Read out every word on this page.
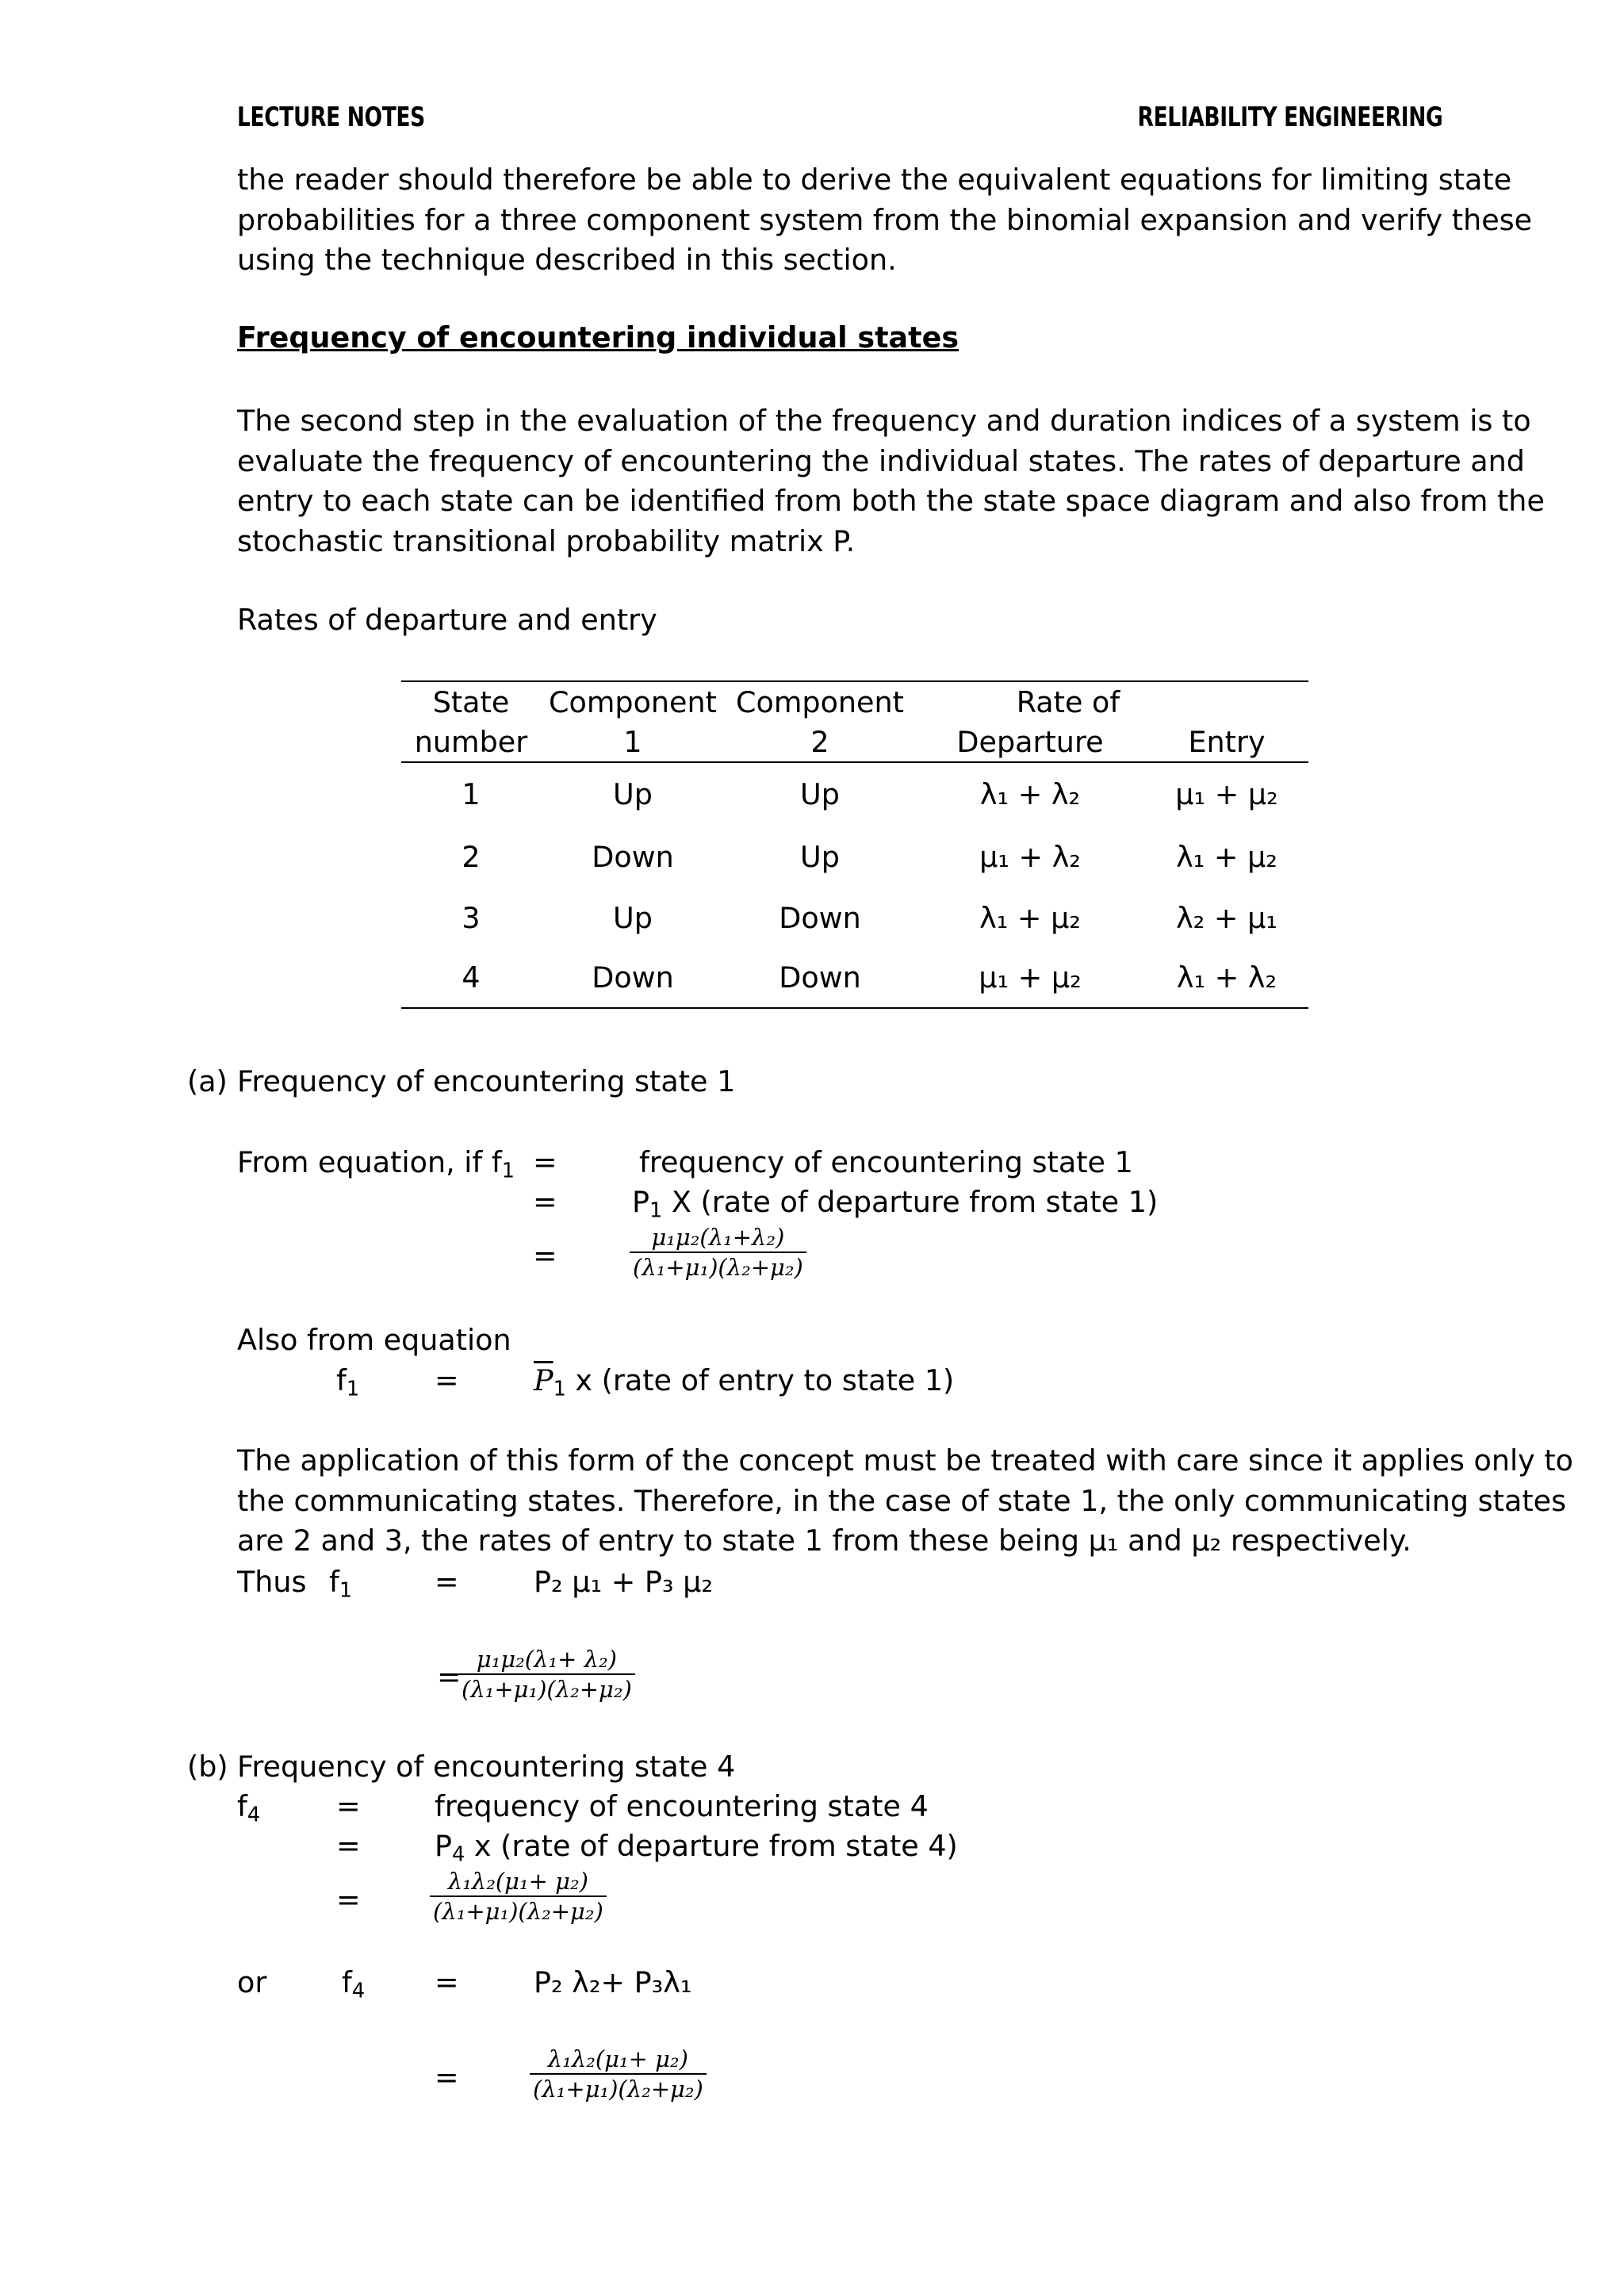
LECTURE NOTES	RELIABILITY ENGINEERING
the reader should therefore be able to derive the equivalent equations for limiting state
probabilities for a three component system from the binomial expansion and verify these
using the technique described in this section.
Frequency of encountering individual states
The second step in the evaluation of the frequency and duration indices of a system is to
evaluate the frequency of encountering the individual states. The rates of departure and
entry to each state can be identified from both the state space diagram and also from the
stochastic transitional probability matrix P.
Rates of departure and entry
State	Component	Component	Rate of	
number	1	2	Departure	Entry
1	Up	Up	λ₁ + λ₂	μ₁ + μ₂
2	Down	Up	μ₁ + λ₂	λ₁ + μ₂
3	Up	Down	λ₁ + μ₂	λ₂ + μ₁
4	Down	Down	μ₁ + μ₂	λ₁ + λ₂
(a) Frequency of encountering state 1
From equation, if $f_1$ =	frequency of encountering state 1
=	$P_1$ X (rate of departure from state 1)
=	$\frac{\text{μ₁μ₂(λ₁+λ₂)}}{\text{(λ₁+μ₁)(λ₂+μ₂)}}$
Also from equation
$f_1$	=	$\overline{P}_1$ x (rate of entry to state 1)
The application of this form of the concept must be treated with care since it applies only to
the communicating states. Therefore, in the case of state 1, the only communicating states
are 2 and 3, the rates of entry to state 1 from these being μ₁ and μ₂ respectively.
Thus $f_1$	=	P₂ μ₁ + P₃ μ₂
=
$\frac{\text{μ₁μ₂(λ₁+ λ₂)}}{\text{(λ₁+μ₁)(λ₂+μ₂)}}$
(b) Frequency of encountering state 4
$f_4$	=	frequency of encountering state 4
=	$P_4$ x (rate of departure from state 4)
=	$\frac{\text{λ₁λ₂(μ₁+ μ₂)}}{\text{(λ₁+μ₁)(λ₂+μ₂)}}$
or	$f_4$ =	P₂ λ₂+ P₃λ₁
=	$\frac{\text{λ₁λ₂(μ₁+ μ₂)}}{\text{(λ₁+μ₁)(λ₂+μ₂)}}$
